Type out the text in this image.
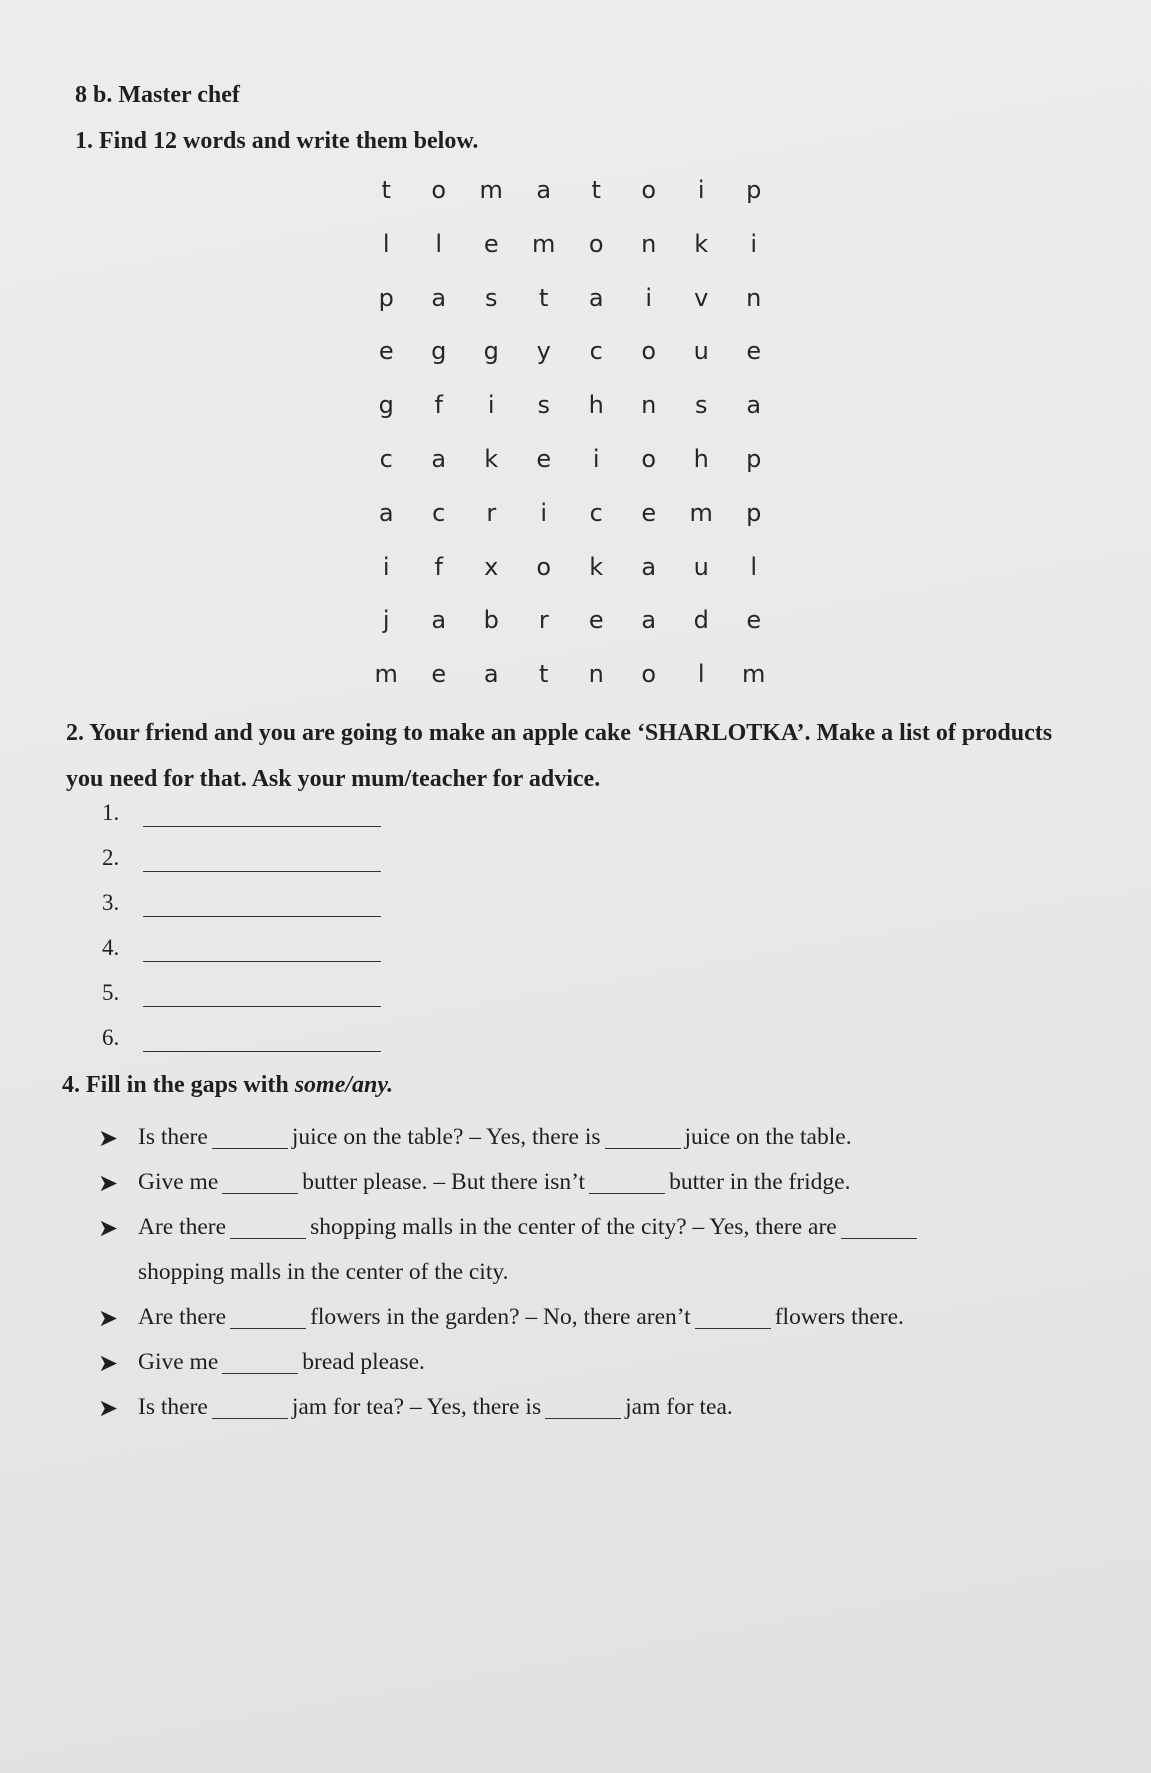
8 b. Master chef
1. Find 12 words and write them below.
t	o	m	a	t	o	i	p
l	l	e	m	o	n	k	i
p	a	s	t	a	i	v	n
e	g	g	y	c	o	u	e
g	f	i	s	h	n	s	a
c	a	k	e	i	o	h	p
a	c	r	i	c	e	m	p
i	f	x	o	k	a	u	l
j	a	b	r	e	a	d	e
m	e	a	t	n	o	l	m
2. Your friend and you are going to make an apple cake ‘SHARLOTKA’. Make a list of products you need for that. Ask your mum/teacher for advice.
1.
2.
3.
4.
5.
6.
4. Fill in the gaps with some/any.
➤ Is there	juice on the table? – Yes, there is	juice on the table.
➤ Give me	butter please. – But there isn’t	butter in the fridge.
➤ Are there	shopping malls in the center of the city? – Yes, there are
shopping malls in the center of the city.
➤ Are there	flowers in the garden? – No, there aren’t	flowers there.
➤ Give me	bread please.
➤ Is there	jam for tea? – Yes, there is	jam for tea.
